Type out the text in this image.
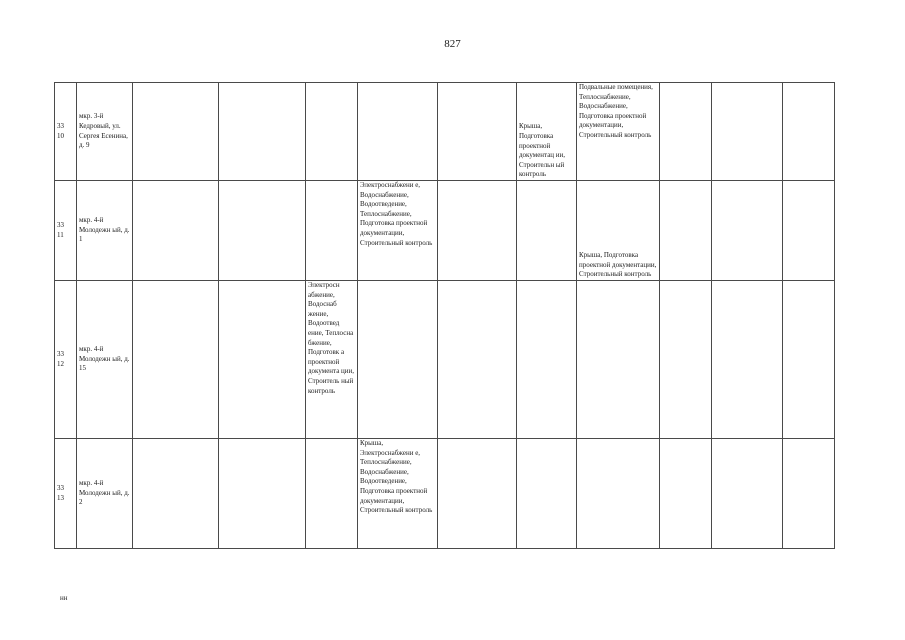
827
33
10	мкр. 3-й Кедровый, ул. Сергея Есенина, д. 9						Крыша, Подготовка проектной документац ии, Строительн ый контроль	Подвальные помещения, Теплоснабжение, Водоснабжение, Подготовка проектной документации, Строительный контроль			
33
11	мкр. 4-й Молодежн ый, д. 1				Электроснабжени е, Водоснабжение, Водоотведение, Теплоснабжение, Подготовка проектной документации, Строительный контроль			Крыша, Подготовка проектной документации, Строительный контроль			
33
12	мкр. 4-й Молодежн ый, д. 15			Электросн абжение, Водоснаб жение, Водоотвед ение, Теплосна бжение, Подготовк а проектной документа ции, Строитель ный контроль							
33
13	мкр. 4-й Молодежн ый, д. 2				Крыша, Электроснабжени е, Теплоснабжение, Водоснабжение, Водоотведение, Подготовка проектной документации, Строительный контроль						
нн
